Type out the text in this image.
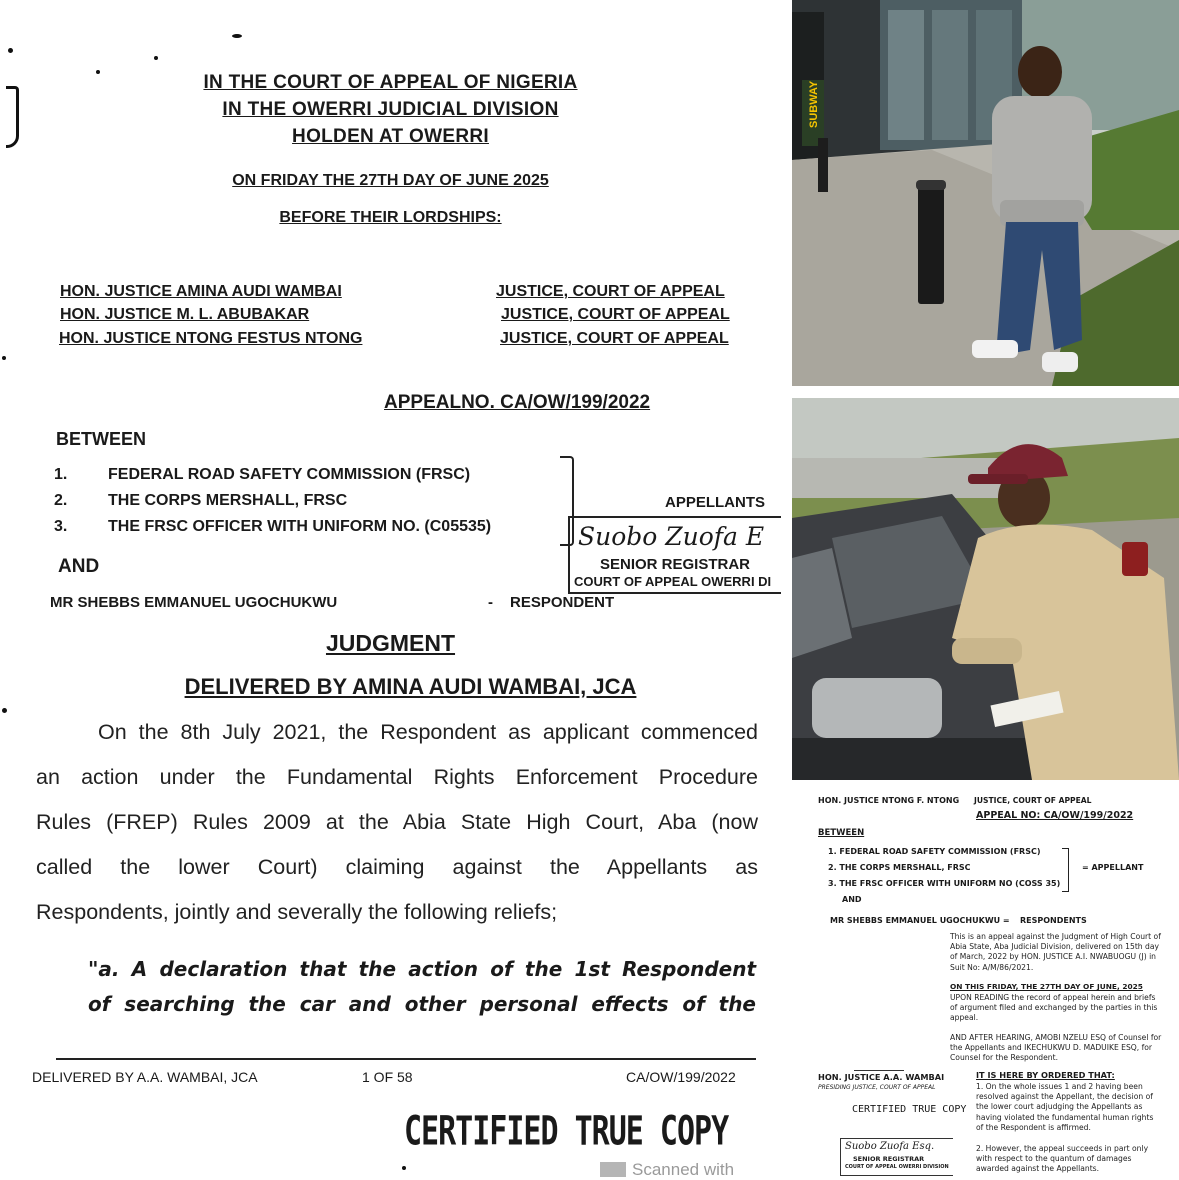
IN THE COURT OF APPEAL OF NIGERIA
IN THE OWERRI JUDICIAL DIVISION
HOLDEN AT OWERRI
ON FRIDAY THE 27TH DAY OF JUNE 2025
BEFORE THEIR LORDSHIPS:
HON. JUSTICE AMINA AUDI WAMBAI	JUSTICE, COURT OF APPEAL
HON. JUSTICE M. L. ABUBAKAR	JUSTICE, COURT OF APPEAL
HON. JUSTICE NTONG FESTUS NTONG	JUSTICE, COURT OF APPEAL
APPEALNO. CA/OW/199/2022
BETWEEN
1.	FEDERAL ROAD SAFETY COMMISSION (FRSC)
2.	THE CORPS MERSHALL, FRSC
3.	THE FRSC OFFICER WITH UNIFORM NO. (C05535)
APPELLANTS
AND
MR SHEBBS EMMANUEL UGOCHUKWU	- RESPONDENT
Suobo Zuofa E
SENIOR REGISTRAR
COURT OF APPEAL OWERRI DI
JUDGMENT
DELIVERED BY AMINA AUDI WAMBAI, JCA
On the 8th July 2021, the Respondent as applicant commenced
an action under the Fundamental Rights Enforcement Procedure
Rules (FREP) Rules 2009 at the Abia State High Court, Aba (now
called the lower Court) claiming against the Appellants as
Respondents, jointly and severally the following reliefs;
"a. A declaration that the action of the 1st Respondent
of searching the car and other personal effects of the
DELIVERED BY A.A. WAMBAI, JCA	1 OF 58	CA/OW/199/2022
CERTIFIED TRUE COPY
Scanned with
SUBWAY
HON. JUSTICE NTONG F. NTONG JUSTICE, COURT OF APPEAL
APPEAL NO: CA/OW/199/2022
BETWEEN
1. FEDERAL ROAD SAFETY COMMISSION (FRSC)
2. THE CORPS MERSHALL, FRSC
3. THE FRSC OFFICER WITH UNIFORM NO (COSS 35)
= APPELLANT
AND
MR SHEBBS EMMANUEL UGOCHUKWU = RESPONDENTS
This is an appeal against the Judgment of High Court of Abia State, Aba Judicial Division, delivered on 15th day of March, 2022 by HON. JUSTICE A.I. NWABUOGU (J) in Suit No: A/M/86/2021.
ON THIS FRIDAY, THE 27TH DAY OF JUNE, 2025
UPON READING the record of appeal herein and briefs of argument filed and exchanged by the parties in this appeal.
AND AFTER HEARING, AMOBI NZELU ESQ of Counsel for the Appellants and IKECHUKWU D. MADUIKE ESQ, for Counsel for the Respondent.
IT IS HERE BY ORDERED THAT:
1. On the whole issues 1 and 2 having been resolved against the Appellant, the decision of the lower court adjudging the Appellants as having violated the fundamental human rights of the Respondent is affirmed.
2. However, the appeal succeeds in part only with respect to the quantum of damages awarded against the Appellants.
HON. JUSTICE A.A. WAMBAI
PRESIDING JUSTICE, COURT OF APPEAL
CERTIFIED TRUE COPY
Suobo Zuofa Esq.
SENIOR REGISTRAR
COURT OF APPEAL OWERRI DIVISION
